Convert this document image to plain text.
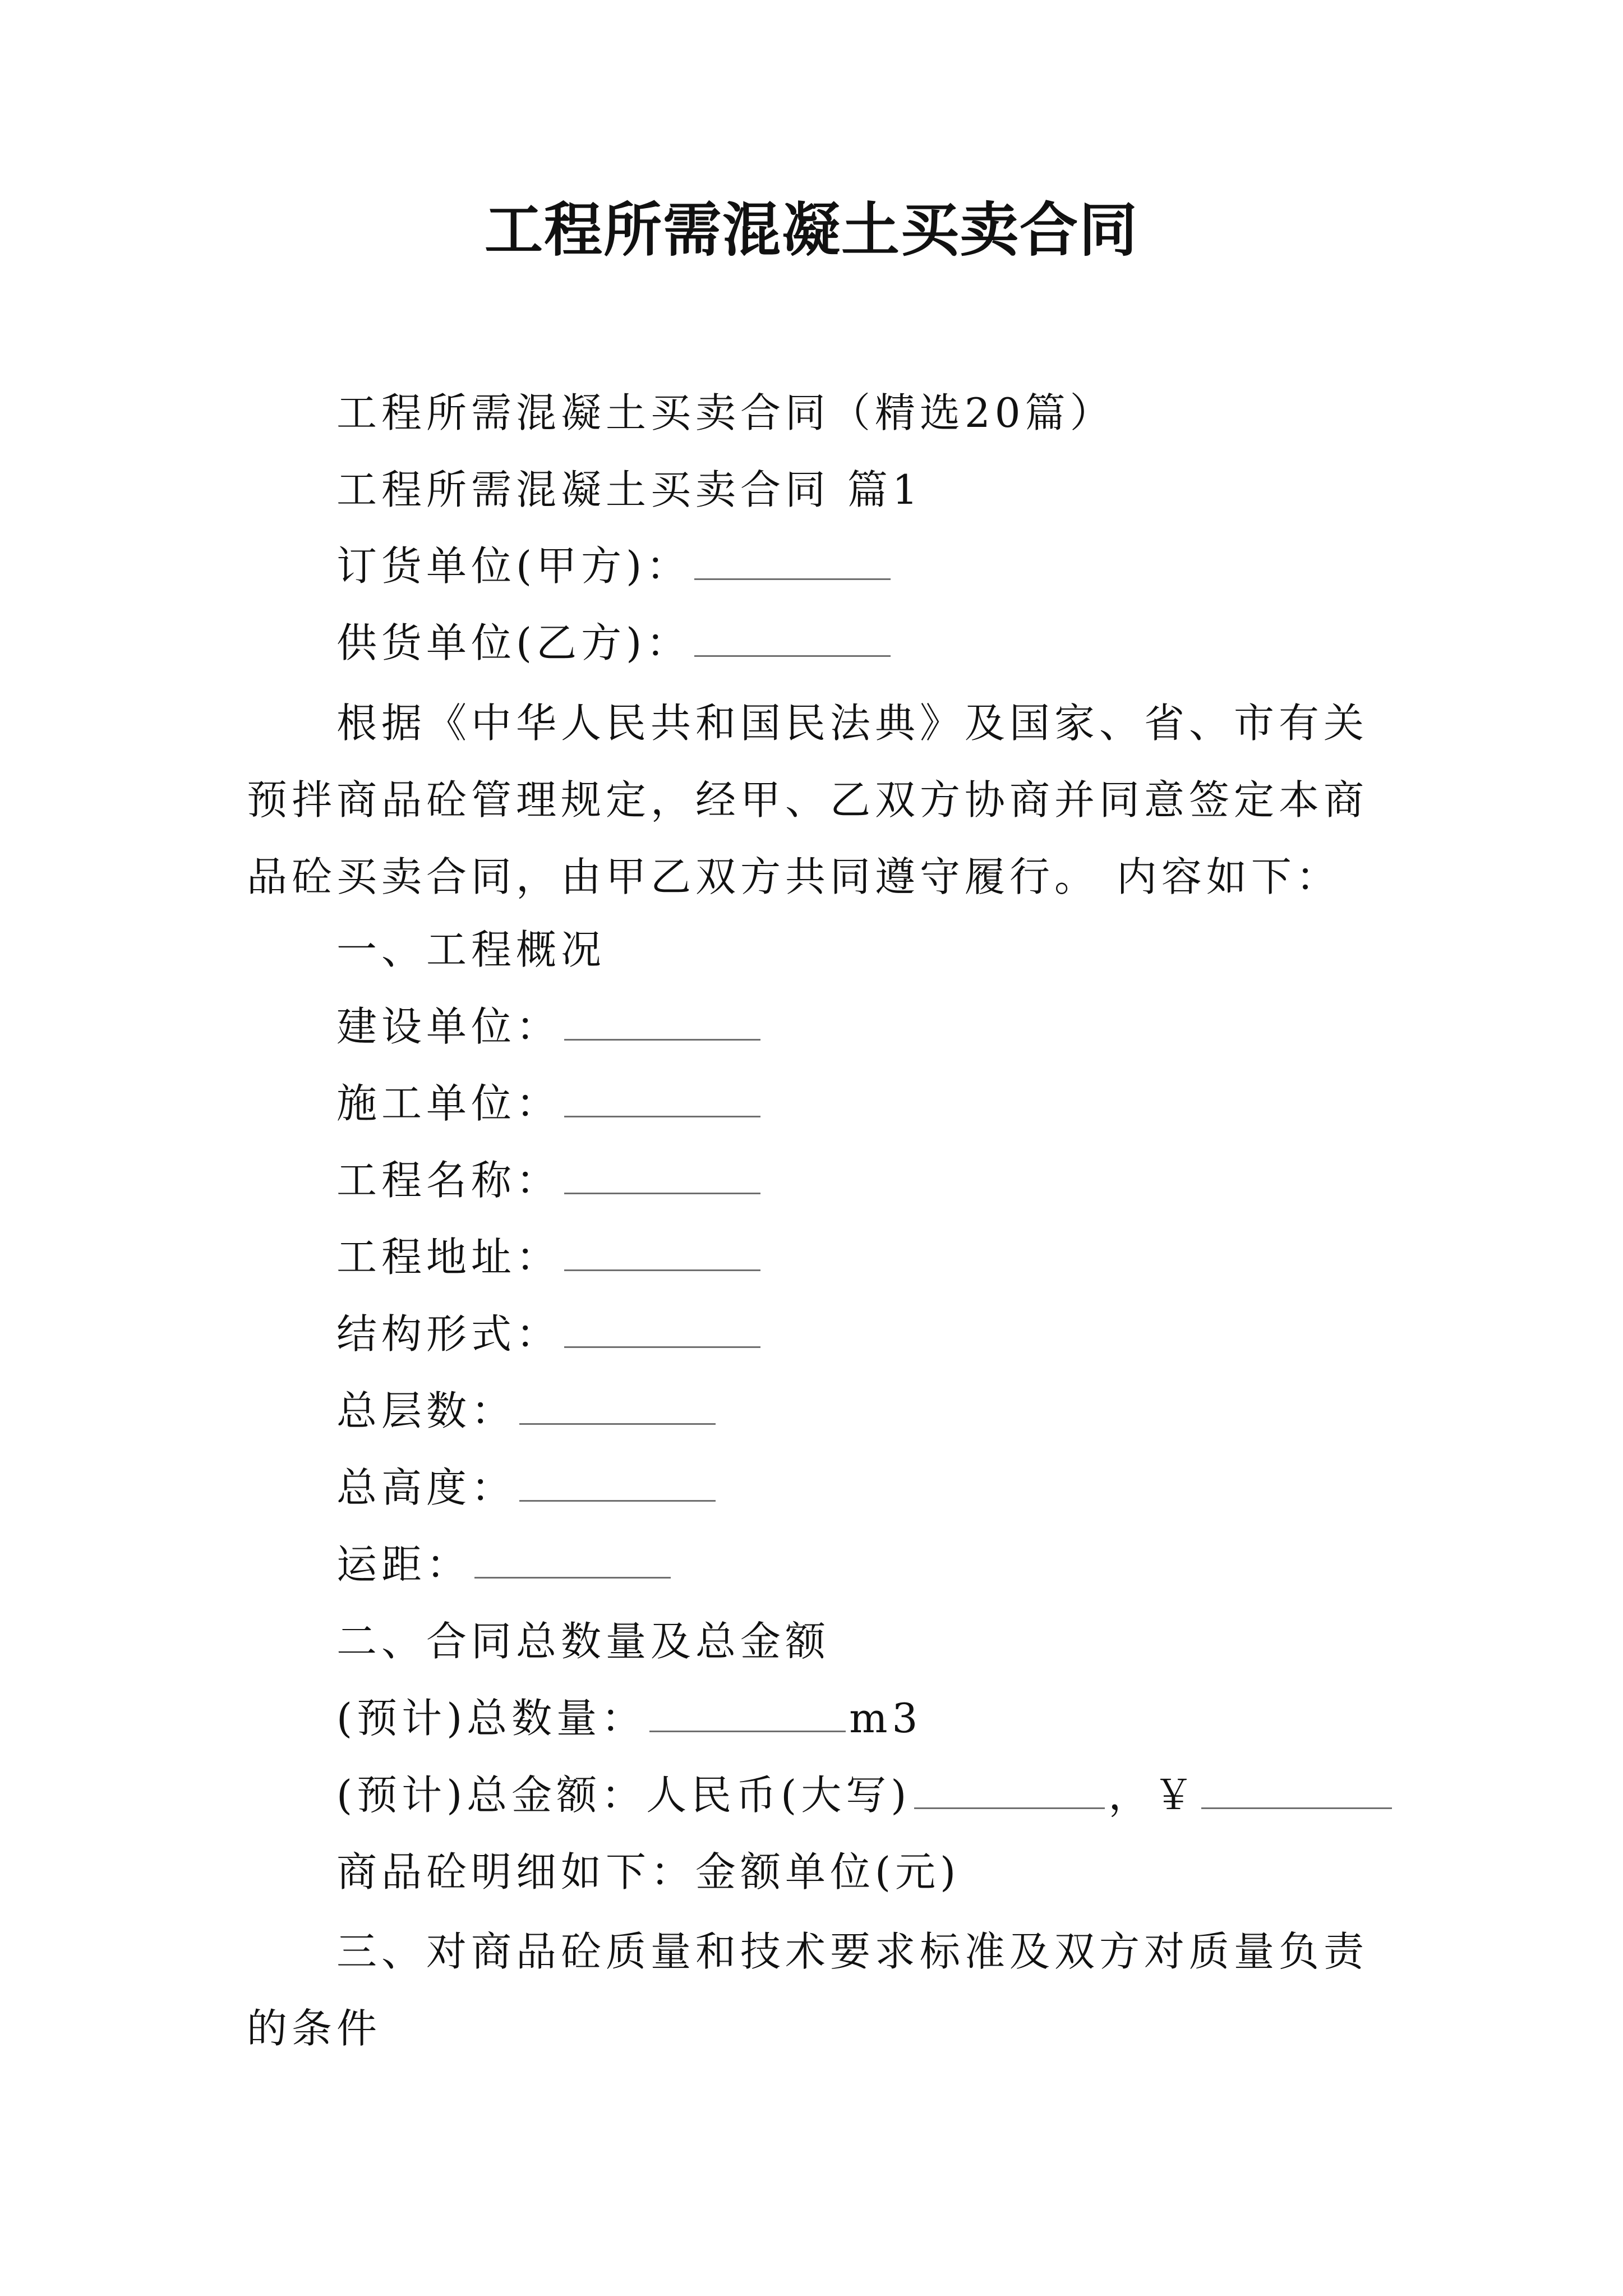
工程所需混凝土买卖合同
工程所需混凝土买卖合同（精选20篇）
工程所需混凝土买卖合同 篇1
订货单位(甲方)：
供货单位(乙方)：

根据《中华人民共和国民法典》及国家、省、市有关预拌商品砼管理规定，经甲、乙双方协商并同意签定本商品砼买卖合同，由甲乙双方共同遵守履行。 内容如下：

一、工程概况
建设单位：
施工单位：
工程名称：
工程地址：
结构形式：
总层数：
总高度：
运距：
二、合同总数量及总金额
(预计)总数量：	m3
(预计)总金额：人民币(大写)	，￥
商品砼明细如下：金额单位(元)

三、对商品砼质量和技术要求标准及双方对质量负责的条件
